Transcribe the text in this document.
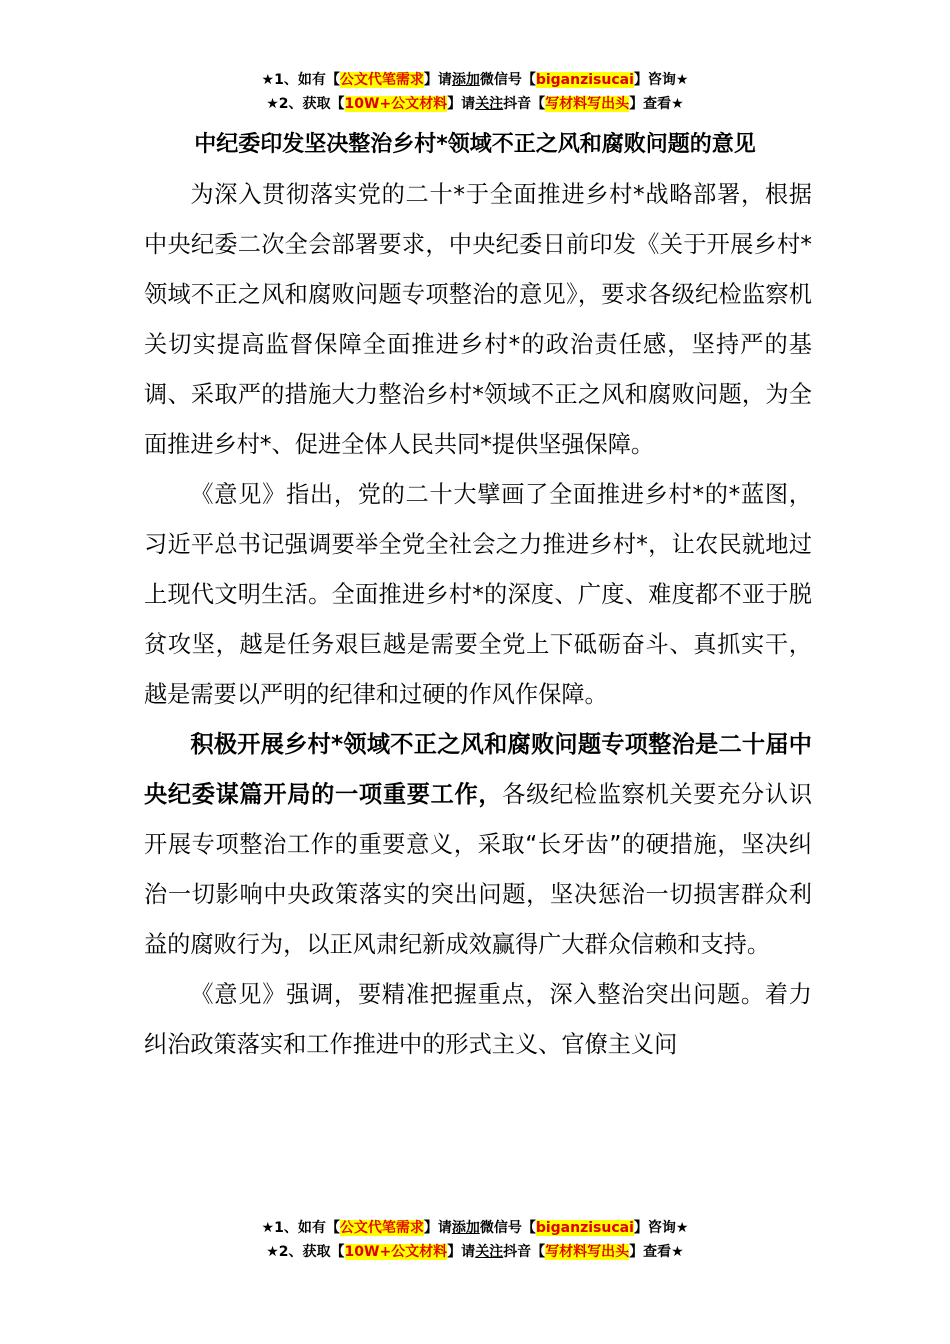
★1、如有【公文代笔需求】请添加微信号【biganzisucai】咨询★
★2、获取【10W+公文材料】请关注抖音【写材料写出头】查看★
中纪委印发坚决整治乡村*领域不正之风和腐败问题的意见

为深入贯彻落实党的二十*于全面推进乡村*战略部署，根据中央纪委二次全会部署要求，中央纪委日前印发《关于开展乡村*领域不正之风和腐败问题专项整治的意见》，要求各级纪检监察机关切实提高监督保障全面推进乡村*的政治责任感，坚持严的基调、采取严的措施大力整治乡村*领域不正之风和腐败问题，为全面推进乡村*、促进全体人民共同*提供坚强保障。

《意见》指出，党的二十大擘画了全面推进乡村*的*蓝图，习近平总书记强调要举全党全社会之力推进乡村*，让农民就地过上现代文明生活。全面推进乡村*的深度、广度、难度都不亚于脱贫攻坚，越是任务艰巨越是需要全党上下砥砺奋斗、真抓实干，越是需要以严明的纪律和过硬的作风作保障。

积极开展乡村*领域不正之风和腐败问题专项整治是二十届中央纪委谋篇开局的一项重要工作，各级纪检监察机关要充分认识开展专项整治工作的重要意义，采取“长牙齿”的硬措施，坚决纠治一切影响中央政策落实的突出问题，坚决惩治一切损害群众利益的腐败行为，以正风肃纪新成效赢得广大群众信赖和支持。

《意见》强调，要精准把握重点，深入整治突出问题。着力纠治政策落实和工作推进中的形式主义、官僚主义问

★1、如有【公文代笔需求】请添加微信号【biganzisucai】咨询★
★2、获取【10W+公文材料】请关注抖音【写材料写出头】查看★
